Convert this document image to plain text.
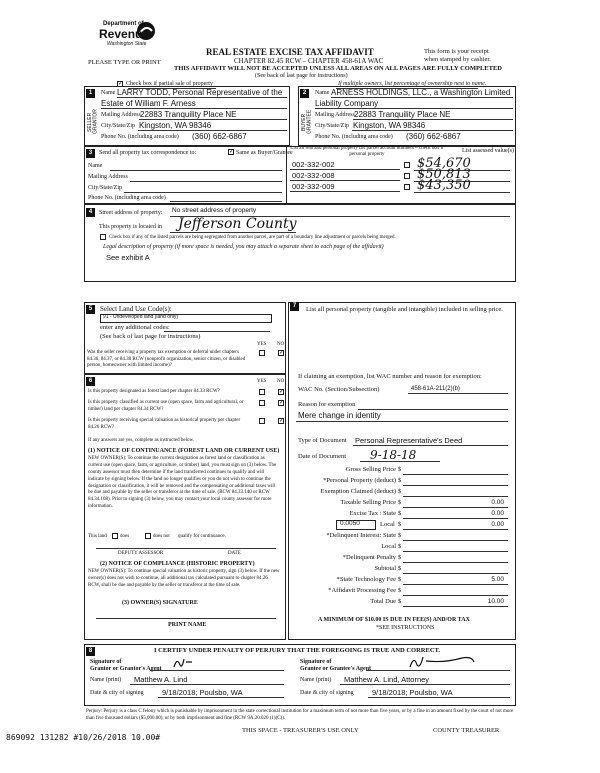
Department of
Revenue
Washington State
REAL ESTATE EXCISE TAX AFFIDAVIT
CHAPTER 82.45 RCW – CHAPTER 458-61A WAC
THIS AFFIDAVIT WILL NOT BE ACCEPTED UNLESS ALL AREAS ON ALL PAGES ARE FULLY COMPLETED
PLEASE TYPE OR PRINT
This form is your receipt
when stamped by cashier.
(See back of last page for instructions)
✓ Check box if partial sale of property	If multiple owners, list percentage of ownership next to name.
1
SELLER GRANTOR
Name LARRY TODD, Personal Representative of the
Estate of William F. Arness
Mailing Address 22883 Tranquility Place NE
City/State/Zip Kingston, WA 98346
Phone No. (including area code) (360) 662-6867
2
BUYER GRANTEE
Name ARNESS HOLDINGS, LLC., a Washington Limited
Liability Company
Mailing Address 22883 Tranquility Place NE
City/State/Zip Kingston, WA 98346
Phone No. (including area code) (360) 662-6867
3	Send all property tax correspondence to:	✓ Same as Buyer/Grantee
Name
Mailing Address
City/State/Zip
Phone No. (including area code)
List all real and personal property tax parcel account numbers – check box if personal property
List assessed value(s)
002-332-002	$54,670
002-332-008	$50,813
002-332-009	$43,350
4	Street address of property: No street address of property
This property is located in Jefferson County
Check box if any of the listed parcels are being segregated from another parcel, are part of a boundary line adjustment or parcels being merged.
Legal description of property (if more space is needed, you may attach a separate sheet to each page of the affidavit)
See exhibit A
5	Select Land Use Code(s):
91 - Undeveloped land (land only)
enter any additional codes:
(See back of last page for instructions)
YES NO
Was the seller receiving a property tax exemption or deferral under chapters 84.36, 84.37, or 84.38 RCW (nonprofit organization, senior citizen, or disabled person, homeowner with limited income)?
✓
6	YES NO
Is this property designated as forest land per chapter 84.33 RCW?	✓
Is this property classified as current use (open space, farm and agricultural, or timber) land per chapter 84.34 RCW?
✓
Is this property receiving special valuation as historical property per chapter 84.26 RCW?
✓
If any answers are yes, complete as instructed below.
(1) NOTICE OF CONTINUANCE (FOREST LAND OR CURRENT USE)
NEW OWNER(S): To continue the current designation as forest land or classification as current use (open space, farm, or agriculture, or timber) land, you must sign on (3) below. The county assessor must then determine if the land transferred continues to qualify and will indicate by signing below. If the land no longer qualifies or you do not wish to continue the designation or classification, it will be removed and the compensating or additional taxes will be due and payable by the seller or transferor at the time of sale. (RCW 84.33.140 or RCW 84.34.108). Prior to signing (3) below, you may contact your local county assessor for more information.
This land	does	does not qualify for continuance.
DEPUTY ASSESSOR	DATE
(2) NOTICE OF COMPLIANCE (HISTORIC PROPERTY)
NEW OWNER(S): To continue special valuation as historic property, sign (3) below. If the new owner(s) does not wish to continue, all additional tax calculated pursuant to chapter 84.26 RCW, shall be due and payable by the seller or transferor at the time of sale.
(3) OWNER(S) SIGNATURE
PRINT NAME
7	List all personal property (tangible and intangible) included in selling price.
If claiming an exemption, list WAC number and reason for exemption:
WAC No. (Section/Subsection)	458-61A-211(2)(b)
Reason for exemption
Mere change in identity
Type of Document Personal Representative's Deed
Date of Document 9-18-18
Gross Selling Price $
*Personal Property (deduct) $
Exemption Claimed (deduct) $
Taxable Selling Price $	0.00
Excise Tax : State $	0.00
0.0050	Local $	0.00
*Delinquent Interest: State $
Local $
*Delinquent Penalty $
Subtotal $
*State Technology Fee $	5.00
*Affidavit Processing Fee $
Total Due $	10.00
A MINIMUM OF $10.00 IS DUE IN FEE(S) AND/OR TAX
*SEE INSTRUCTIONS
8	I CERTIFY UNDER PENALTY OF PERJURY THAT THE FOREGOING IS TRUE AND CORRECT.
Signature of
Grantor or Grantor's Agent
Name (print) Matthew A. Lind
Date & city of signing 9/18/2018; Poulsbo, WA
Signature of
Grantee or Grantee's Agent
Name (print) Matthew A. Lind, Attorney
Date & city of signing 9/18/2018; Poulsbo, WA
Perjury: Perjury is a class C felony which is punishable by imprisonment in the state correctional institution for a maximum term of not more than five years, or by a fine in an amount fixed by the court of not more than five thousand dollars ($5,000.00), or by both imprisonment and fine (RCW 9A.20.020 (1)(C)).
869092 131282 #10/26/2018 10.00#
THIS SPACE - TREASURER'S USE ONLY	COUNTY TREASURER
